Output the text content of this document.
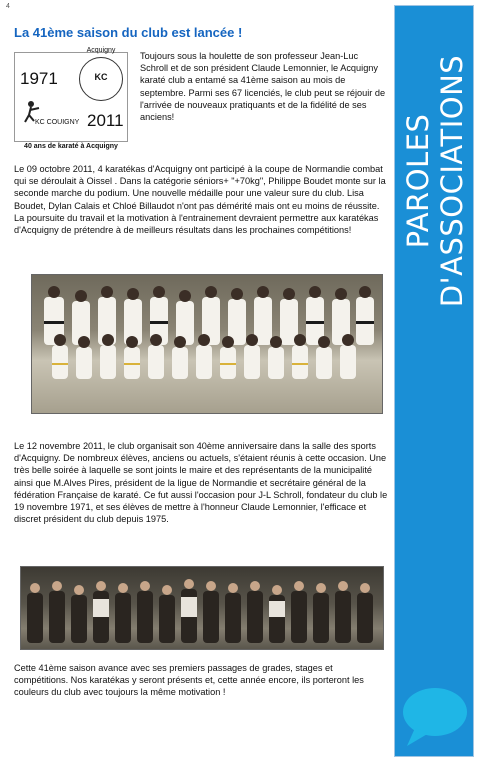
4
PAROLES D'ASSOCIATIONS
La 41ème saison du club est lancée !
1971
Acquigny
KC
KC COUIGNY 2011
40 ans de karaté à Acquigny

Toujours sous la houlette de son professeur Jean-Luc Schroll et de son président Claude Lemonnier, le Acquigny karaté club a entamé sa 41ème saison au mois de septembre. Parmi ses 67 licenciés, le club peut se réjouir de l'arrivée de nouveaux pratiquants et de la fidélité de ses anciens!

Le 09 octobre 2011, 4 karatékas d'Acquigny ont participé à la coupe de Normandie combat qui se déroulait à Oissel . Dans la catégorie séniors+ "+70kg", Philippe Boudet monte sur la seconde marche du podium. Une nouvelle médaille pour une valeur sure du club. Lisa Boudet, Dylan Calais et Chloé Billaudot n'ont pas démérité mais ont eu moins de réussite. La poursuite du travail et la motivation à l'entrainement devraient permettre aux karatékas d'Acquigny de prétendre à de meilleurs résultats dans les prochaines compétitions!

Le 12 novembre 2011, le club organisait son 40ème anniversaire dans la salle des sports d'Acquigny. De nombreux élèves, anciens ou actuels, s'étaient réunis à cette occasion. Une très belle soirée à laquelle se sont joints le maire et des représentants de la municipalité ainsi que M.Alves Pires, président de la ligue de Normandie et secrétaire général de la fédération Française de karaté. Ce fut aussi l'occasion pour J-L Schroll, fondateur du club le 19 novembre 1971, et ses élèves de mettre à l'honneur Claude Lemonnier, l'efficace et discret président du club depuis 1975.

Cette 41ème saison avance avec ses premiers passages de grades, stages et compétitions. Nos karatékas y seront présents et, cette année encore, ils porteront les couleurs du club avec toujours la même motivation !
